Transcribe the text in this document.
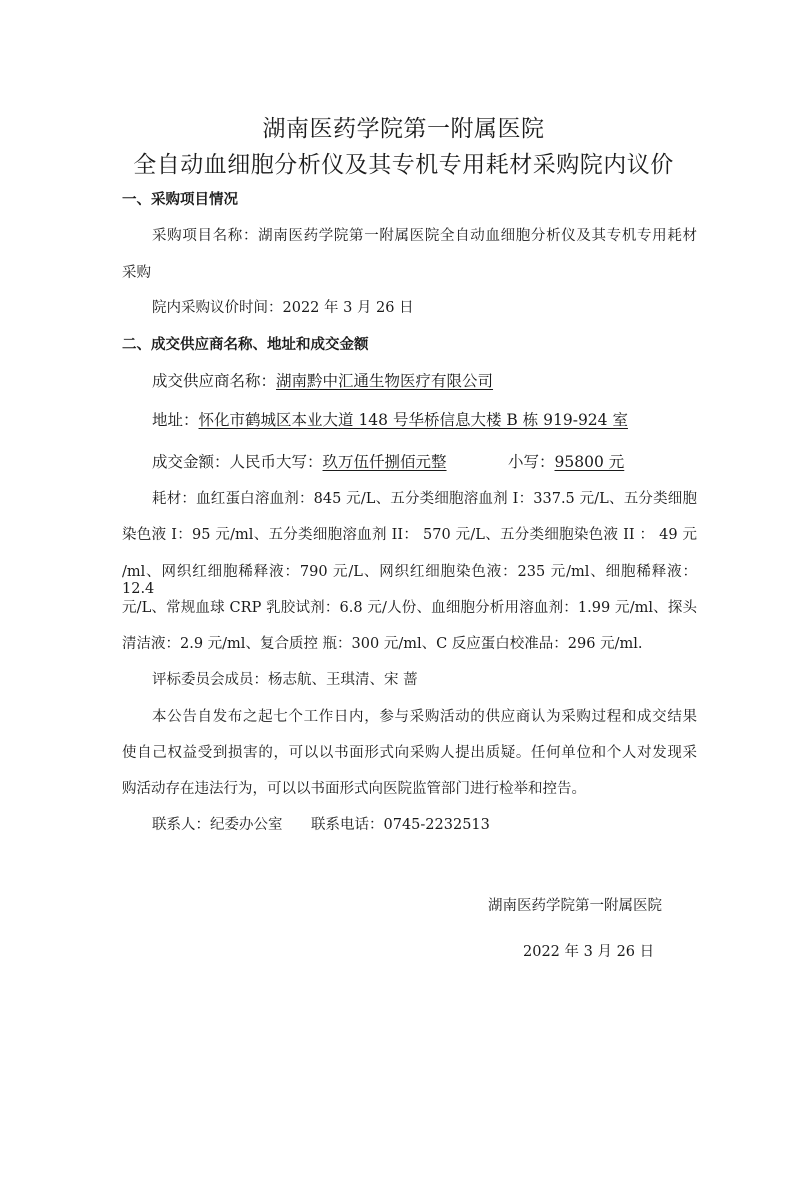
湖南医药学院第一附属医院
全自动血细胞分析仪及其专机专用耗材采购院内议价
一、采购项目情况
采购项目名称：湖南医药学院第一附属医院全自动血细胞分析仪及其专机专用耗材
采购
院内采购议价时间：2022 年 3 月 26 日
二、成交供应商名称、地址和成交金额
成交供应商名称：湖南黔中汇通生物医疗有限公司
地址：怀化市鹤城区本业大道 148 号华桥信息大楼 B 栋 919-924 室
成交金额：人民币大写：玖万伍仟捌佰元整	小写：95800 元
耗材：血红蛋白溶血剂：845 元/L、五分类细胞溶血剂 I：337.5 元/L、五分类细胞
染色液 I：95 元/ml、五分类细胞溶血剂 II： 570 元/L、五分类细胞染色液 II ： 49 元
/ml、网织红细胞稀释液：790 元/L、网织红细胞染色液：235 元/ml、细胞稀释液：12.4
元/L、常规血球 CRP 乳胶试剂：6.8 元/人份、血细胞分析用溶血剂：1.99 元/ml、探头
清洁液：2.9 元/ml、复合质控 瓶：300 元/ml、C 反应蛋白校准品：296 元/ml.
评标委员会成员：杨志航、王琪清、宋 蔷
本公告自发布之起七个工作日内，参与采购活动的供应商认为采购过程和成交结果
使自己权益受到损害的，可以以书面形式向采购人提出质疑。任何单位和个人对发现采
购活动存在违法行为，可以以书面形式向医院监管部门进行检举和控告。
联系人：纪委办公室 联系电话：0745-2232513
湖南医药学院第一附属医院
2022 年 3 月 26 日
